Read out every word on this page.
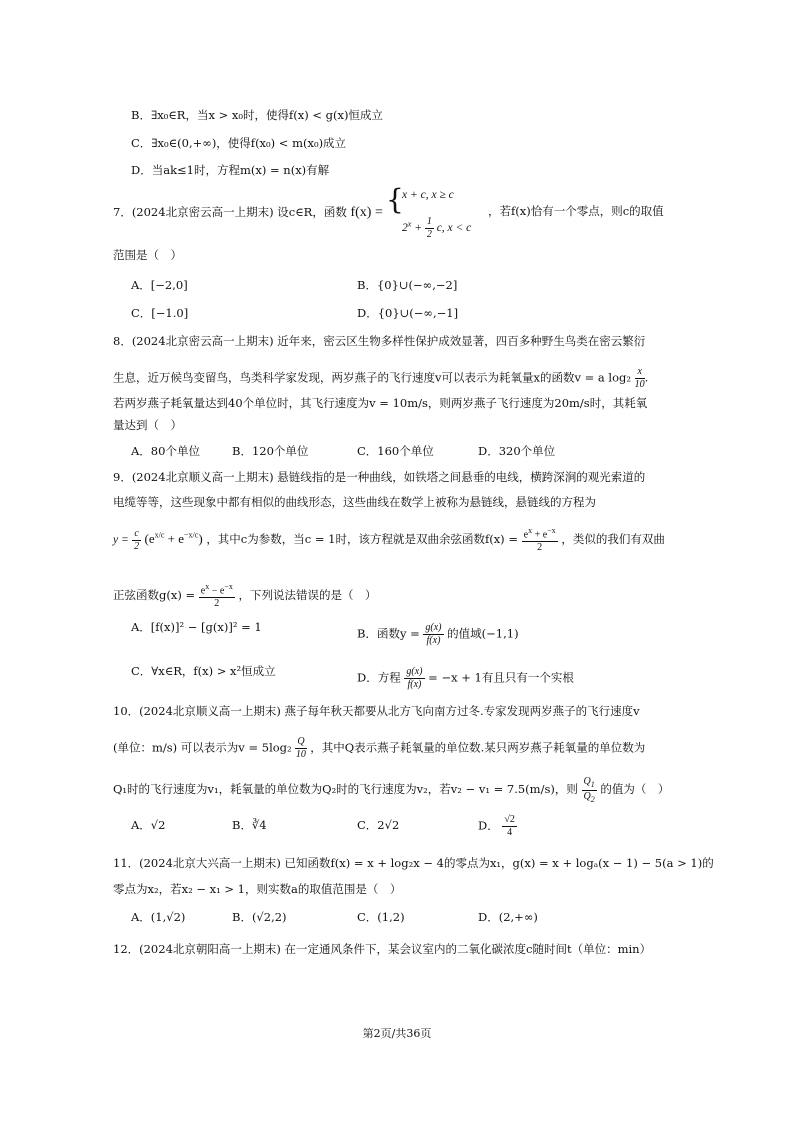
B．∃x₀∈R，当x > x₀时，使得f(x) < g(x)恒成立
C．∃x₀∈(0,+∞)，使得f(x₀) < m(x₀)成立
D．当ak≤1时，方程m(x) = n(x)有解
7．(2024北京密云高一上期末) 设c∈R，函数 f(x) = {
x + c, x ≥ c
$2^x + \frac{1}{2} c$, x < c
，若f(x)恰有一个零点，则c的取值
范围是（　）
A．[−2,0]	B．{0}∪(−∞,−2]
C．[−1.0]	D．{0}∪(−∞,−1]
8．(2024北京密云高一上期末) 近年来，密云区生物多样性保护成效显著，四百多种野生鸟类在密云繁衍
生息，近万候鸟变留鸟，鸟类科学家发现，两岁燕子的飞行速度v可以表示为耗氧量x的函数v = a $\log_2 \frac{x}{10}$ .
若两岁燕子耗氧量达到40个单位时，其飞行速度为v = 10m/s，则两岁燕子飞行速度为20m/s时，其耗氧
量达到（　）
A．80个单位	B．120个单位	C．160个单位	D．320个单位
9．(2024北京顺义高一上期末) 悬链线指的是一种曲线，如铁塔之间悬垂的电线，横跨深涧的观光索道的
电缆等等，这些现象中都有相似的曲线形态，这些曲线在数学上被称为悬链线，悬链线的方程为
$y = \frac{c}{2} (e^{x/c} + e^{-x/c})$ ，其中c为参数，当c = 1时，该方程就是双曲余弦函数$f(x) = \frac{e^x + e^{-x}}{2}$ ，类似的我们有双曲
正弦函数$g(x) = \frac{e^x - e^{-x}}{2}$ ，下列说法错误的是（　）
A．[f(x)]² − [g(x)]² = 1	B．函数$y = \frac{g(x)}{f(x)}$ 的值域(−1,1)
C．∀x∈R，f(x) > x²恒成立	D．方程 $\frac{g(x)}{f(x)} = -x + 1$有且只有一个实根
10．(2024北京顺义高一上期末) 燕子每年秋天都要从北方飞向南方过冬.专家发现两岁燕子的飞行速度v
(单位：m/s) 可以表示为$v = 5\log_2 \frac{Q}{10}$ ，其中Q表示燕子耗氧量的单位数.某只两岁燕子耗氧量的单位数为
Q₁时的飞行速度为v₁，耗氧量的单位数为Q₂时的飞行速度为v₂，若v₂ − v₁ = 7.5(m/s)，则 $\frac{Q_1}{Q_2}$ 的值为（　）
A．√2	B．∛4	C．2√2	D． $\frac{√2}{4}$
11．(2024北京大兴高一上期末) 已知函数f(x) = x + log₂x − 4的零点为x₁，g(x) = x + logₐ(x − 1) − 5(a > 1)的
零点为x₂，若x₂ − x₁ > 1，则实数a的取值范围是（　）
A．(1,√2)	B．(√2,2)	C．(1,2)	D．(2,+∞)
12．(2024北京朝阳高一上期末) 在一定通风条件下，某会议室内的二氧化碳浓度c随时间t（单位：min）
第2页/共36页
